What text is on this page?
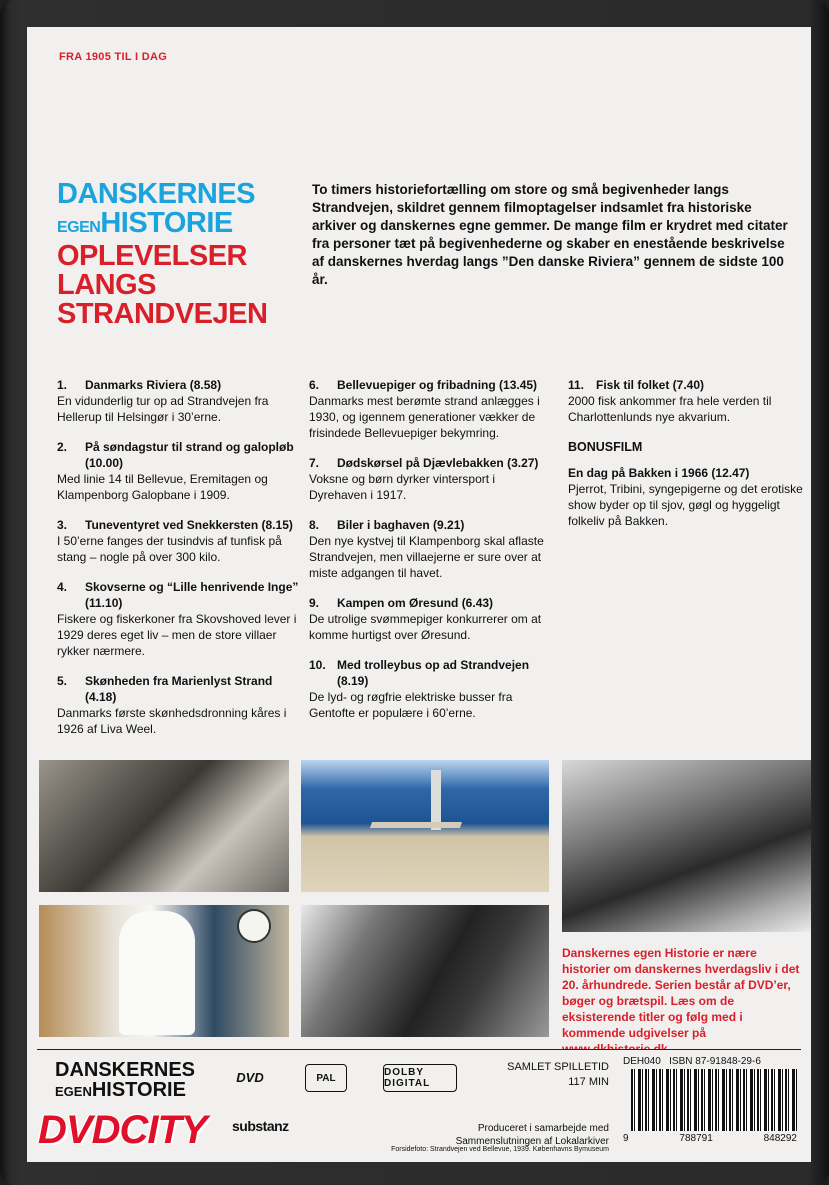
FRA 1905 TIL I DAG
DANSKERNES
EGENHISTORIE
OPLEVELSER LANGS
STRANDVEJEN
To timers historiefortælling om store og små begivenheder langs Strandvejen, skildret gennem filmoptagelser indsamlet fra historiske arkiver og danskernes egne gemmer. De mange film er krydret med citater fra personer tæt på begivenhederne og skaber en enestående beskrivelse af danskernes hverdag langs ”Den danske Riviera” gennem de sidste 100 år.
1.	Danmarks Riviera (8.58)
En vidunderlig tur op ad Strandvejen fra Hellerup til Helsingør i 30’erne.
2.	På søndagstur til strand og galopløb (10.00)
Med linie 14 til Bellevue, Eremitagen og Klampenborg Galopbane i 1909.
3.	Tuneventyret ved Snekkersten (8.15)
I 50’erne fanges der tusindvis af tunfisk på stang – nogle på over 300 kilo.
4.	Skovserne og “Lille henrivende Inge” (11.10)
Fiskere og fiskerkoner fra Skovshoved lever i 1929 deres eget liv – men de store villaer rykker nærmere.
5.	Skønheden fra Marienlyst Strand (4.18)
Danmarks første skønhedsdronning kåres i 1926 af Liva Weel.
6.	Bellevuepiger og fribadning (13.45)
Danmarks mest berømte strand anlægges i 1930, og igennem generationer vækker de frisindede Bellevuepiger bekymring.
7.	Dødskørsel på Djævlebakken (3.27)
Voksne og børn dyrker vintersport i Dyrehaven i 1917.
8.	Biler i baghaven (9.21)
Den nye kystvej til Klampenborg skal aflaste Strandvejen, men villaejerne er sure over at miste adgangen til havet.
9.	Kampen om Øresund (6.43)
De utrolige svømmepiger konkurrerer om at komme hurtigst over Øresund.
10. Med trolleybus op ad Strandvejen (8.19)
De lyd- og røgfrie elektriske busser fra Gentofte er populære i 60’erne.
11. Fisk til folket (7.40)
2000 fisk ankommer fra hele verden til Charlottenlunds nye akvarium.
BONUSFILM
En dag på Bakken i 1966 (12.47)
Pjerrot, Tribini, syngepigerne og det erotiske show byder op til sjov, gøgl og hyggeligt folkeliv på Bakken.
Danskernes egen Historie er nære historier om danskernes hverdagsliv i det 20. århundrede. Serien består af DVD’er, bøger og brætspil. Læs om de eksisterende titler og følg med i kommende udgivelser på
DANSKERNES
EGENHISTORIE
DVD	PAL	DOLBY DIGITAL
SAMLET SPILLETID
117 MIN
substanz	Produceret i samarbejde med Sammenslutningen af Lokalarkiver
Forsidefoto: Strandvejen ved Bellevue, 1939. Københavns Bymuseum
DEH040 ISBN 87-91848-29-6
9	788791	848292
DVDCITY
